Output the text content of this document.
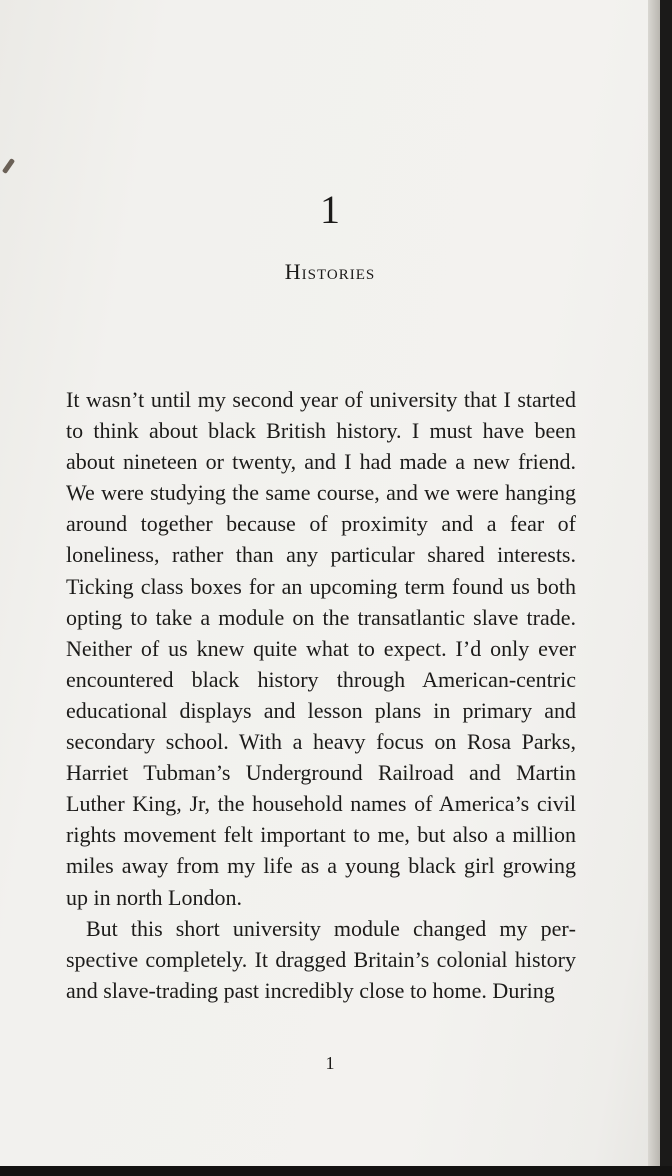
1
Histories

It wasn’t until my second year of university that I started to think about black British history. I must have been about nineteen or twenty, and I had made a new friend. We were studying the same course, and we were hanging around together because of proximity and a fear of loneliness, rather than any particular shared interests. Ticking class boxes for an upcoming term found us both opting to take a module on the transatlantic slave trade. Neither of us knew quite what to expect. I’d only ever encountered black history through American-centric educational displays and lesson plans in primary and secondary school. With a heavy focus on Rosa Parks, Harriet Tubman’s Underground Railroad and Martin Luther King, Jr, the household names of America’s civil rights movement felt important to me, but also a million miles away from my life as a young black girl growing up in north London.

But this short university module changed my perspective completely. It dragged Britain’s colonial history and slave-trading past incredibly close to home. During

1
